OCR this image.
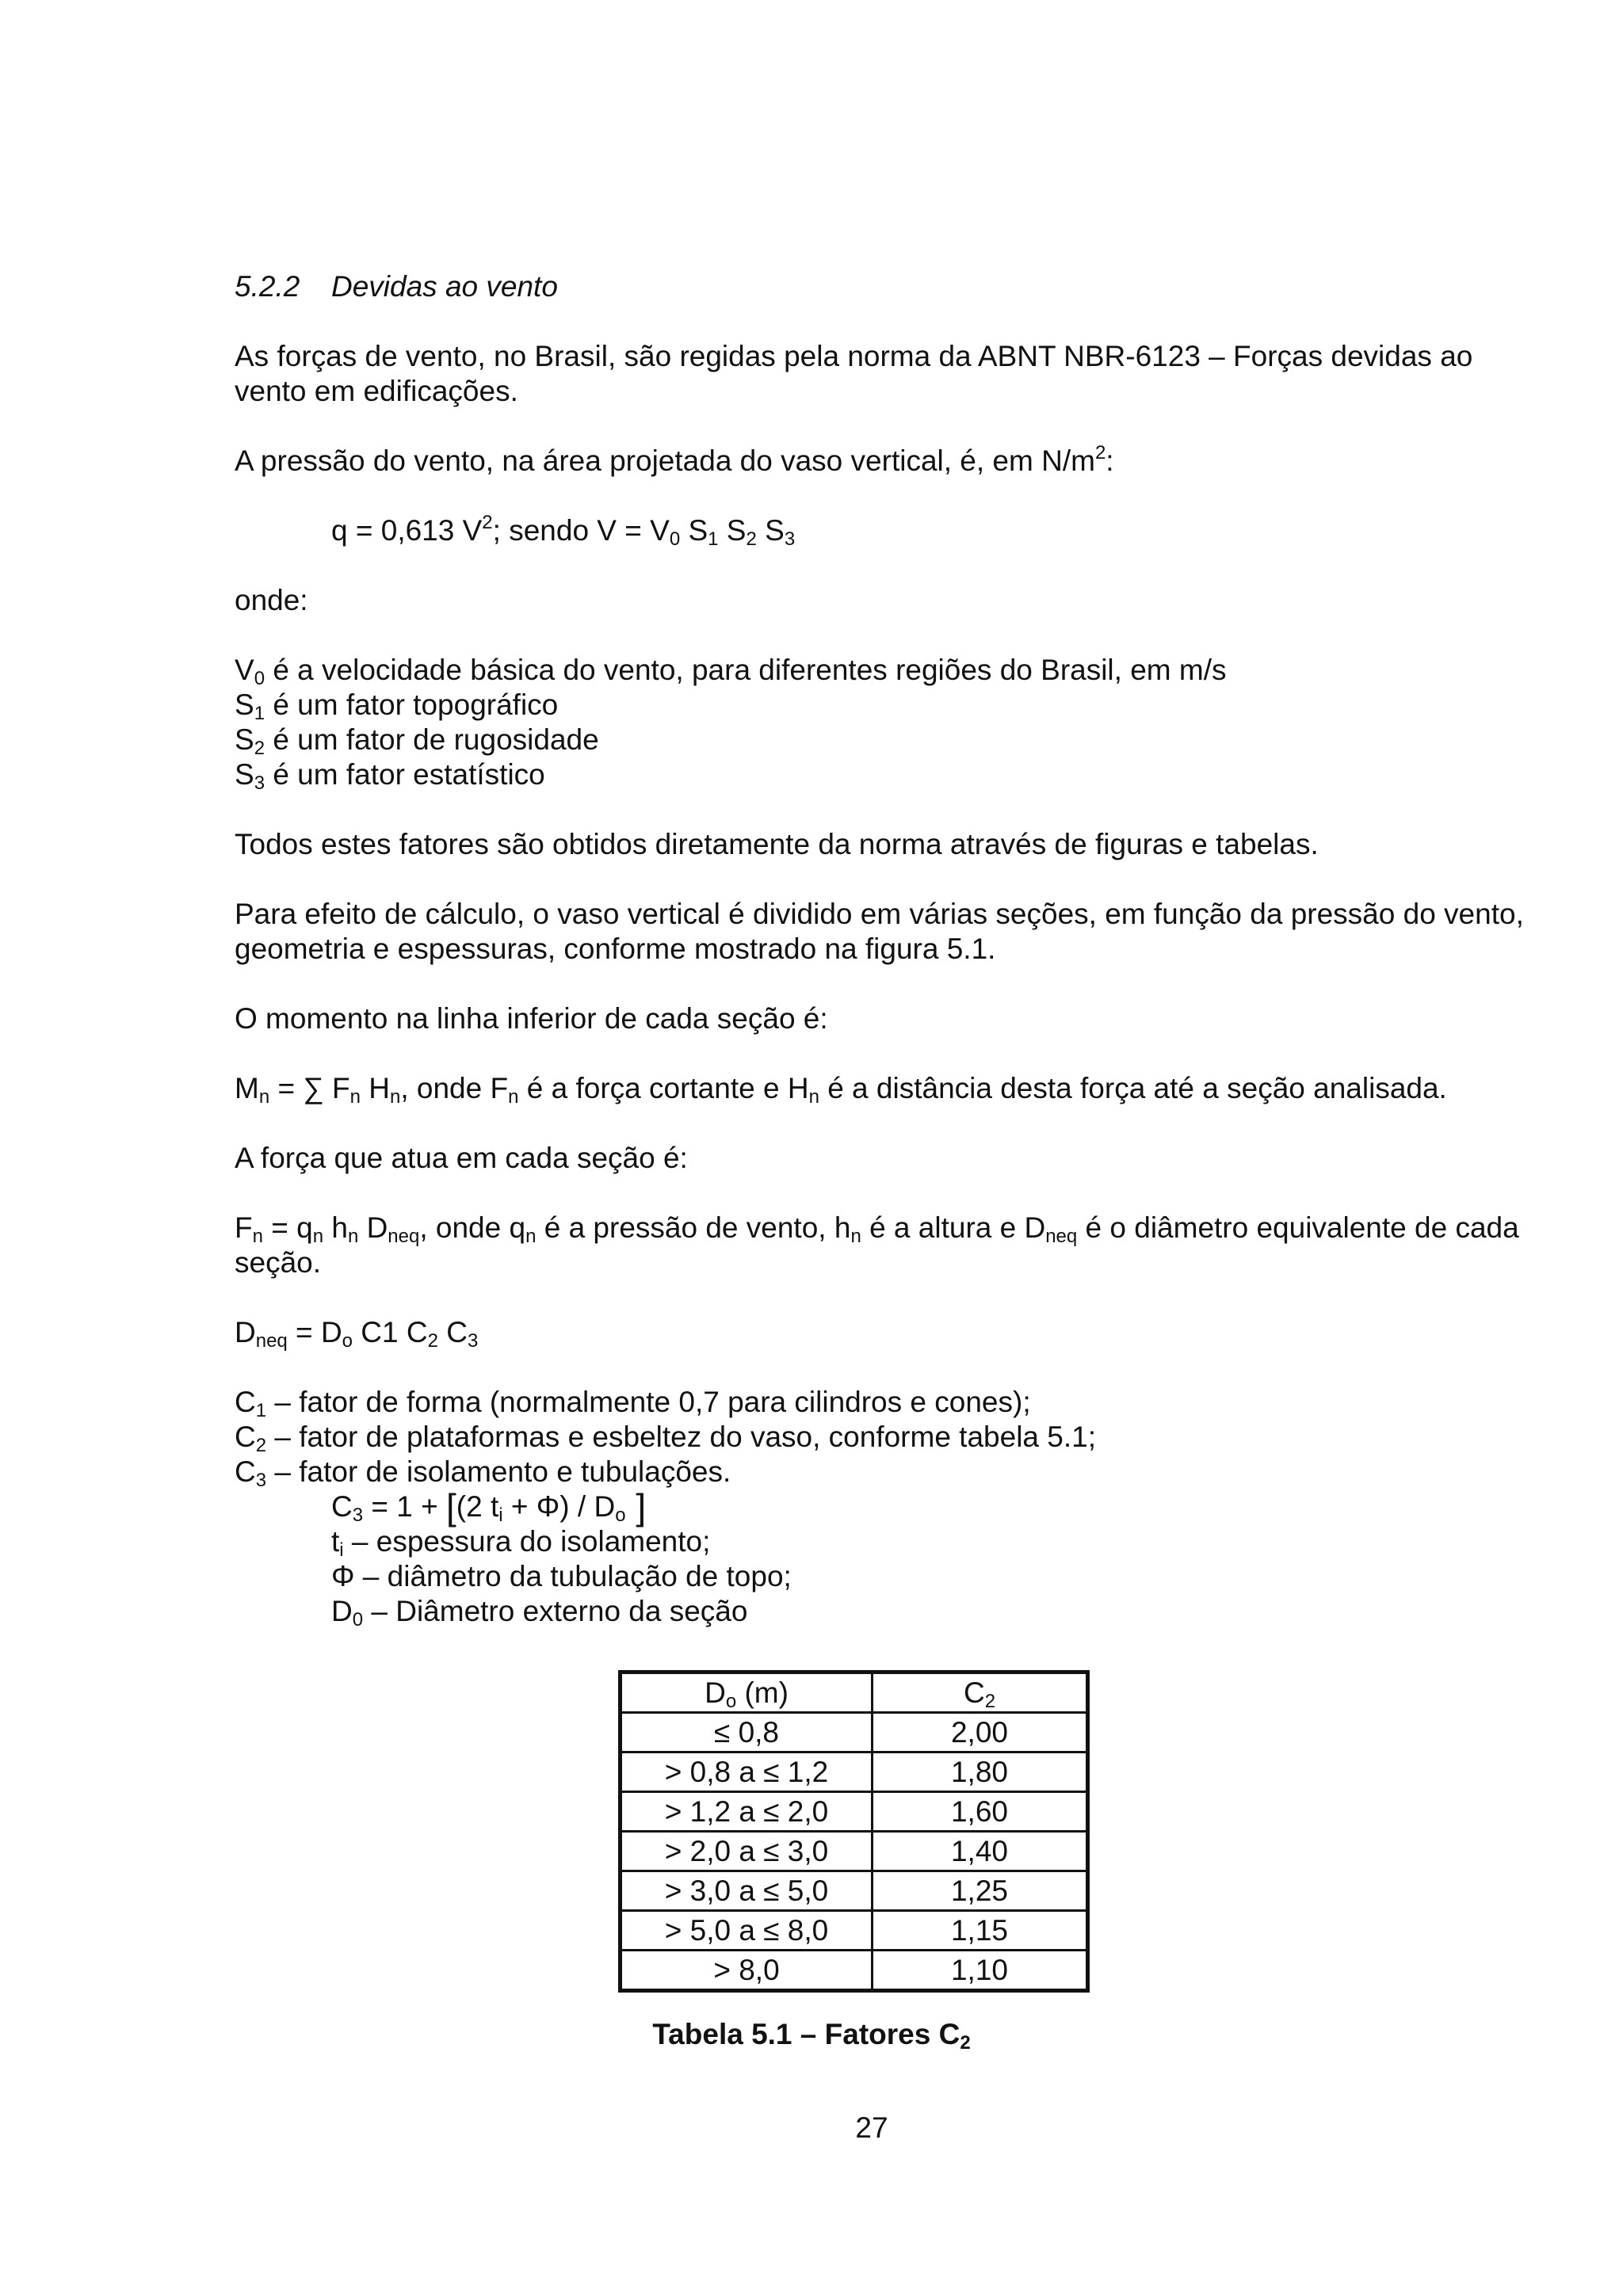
5.2.2 Devidas ao vento

As forças de vento, no Brasil, são regidas pela norma da ABNT NBR-6123 – Forças devidas ao vento em edificações.

A pressão do vento, na área projetada do vaso vertical, é, em $N/m^2$:

q = 0,613 $V^2$; sendo $V = V_0$ $S_1$ $S_2$ $S_3$

onde:

$V_0$ é a velocidade básica do vento, para diferentes regiões do Brasil, em m/s
$S_1$ é um fator topográfico
$S_2$ é um fator de rugosidade
$S_3$ é um fator estatístico

Todos estes fatores são obtidos diretamente da norma através de figuras e tabelas.

Para efeito de cálculo, o vaso vertical é dividido em várias seções, em função da pressão do vento, geometria e espessuras, conforme mostrado na figura 5.1.

O momento na linha inferior de cada seção é:

$M_n$ = ∑ $F_n$ $H_n$, onde $F_n$ é a força cortante e $H_n$ é a distância desta força até a seção analisada.

A força que atua em cada seção é:

$F_n = q_n$ $h_n$ $D_{neq}$, onde $q_n$ é a pressão de vento, $h_n$ é a altura e $D_{neq}$ é o diâmetro equivalente de cada seção.

$D_{neq} = D_o$ C1 $C_2$ $C_3$

$C_1$ – fator de forma (normalmente 0,7 para cilindros e cones);
$C_2$ – fator de plataformas e esbeltez do vaso, conforme tabela 5.1;
$C_3$ – fator de isolamento e tubulações.
$C_3 = 1 + [(2$ $t_i + \Phi) / D_o$ ]
$t_i$ – espessura do isolamento;
Φ – diâmetro da tubulação de topo;
$D_0$ – Diâmetro externo da seção
$D_o$ (m)	$C_2$
≤ 0,8	2,00
> 0,8 a ≤ 1,2	1,80
> 1,2 a ≤ 2,0	1,60
> 2,0 a ≤ 3,0	1,40
> 3,0 a ≤ 5,0	1,25
> 5,0 a ≤ 8,0	1,15
> 8,0	1,10
Tabela 5.1 – Fatores $C_2$
27
